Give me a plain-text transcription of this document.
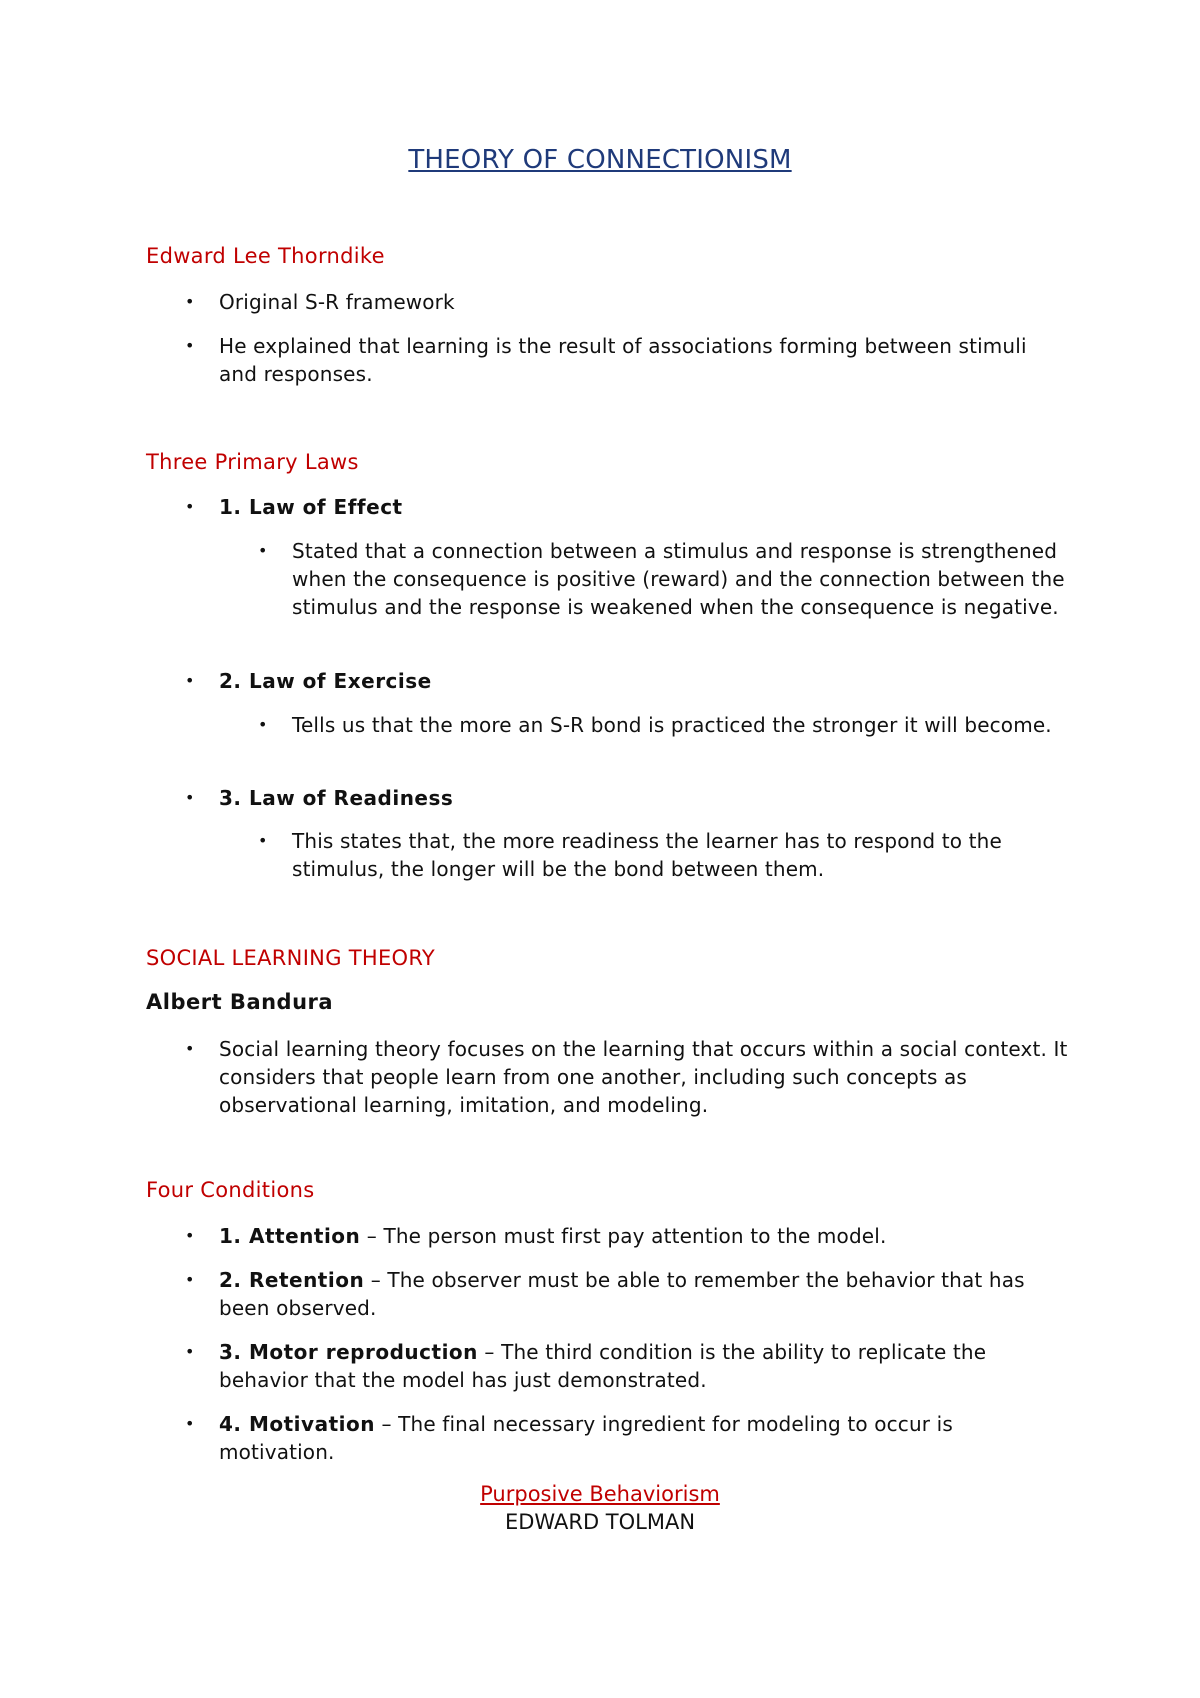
THEORY OF CONNECTIONISM
Edward Lee Thorndike
• Original S-R framework
• He explained that learning is the result of associations forming between stimuli and responses.
Three Primary Laws
• 1. Law of Effect
• Stated that a connection between a stimulus and response is strengthened when the consequence is positive (reward) and the connection between the stimulus and the response is weakened when the consequence is negative.
• 2. Law of Exercise
• Tells us that the more an S-R bond is practiced the stronger it will become.
• 3. Law of Readiness
• This states that, the more readiness the learner has to respond to the stimulus, the longer will be the bond between them.
SOCIAL LEARNING THEORY
Albert Bandura
• Social learning theory focuses on the learning that occurs within a social context. It considers that people learn from one another, including such concepts as observational learning, imitation, and modeling.
Four Conditions
• 1. Attention – The person must first pay attention to the model.
• 2. Retention – The observer must be able to remember the behavior that has been observed.
• 3. Motor reproduction – The third condition is the ability to replicate the behavior that the model has just demonstrated.
• 4. Motivation – The final necessary ingredient for modeling to occur is motivation.
Purposive Behaviorism
EDWARD TOLMAN
